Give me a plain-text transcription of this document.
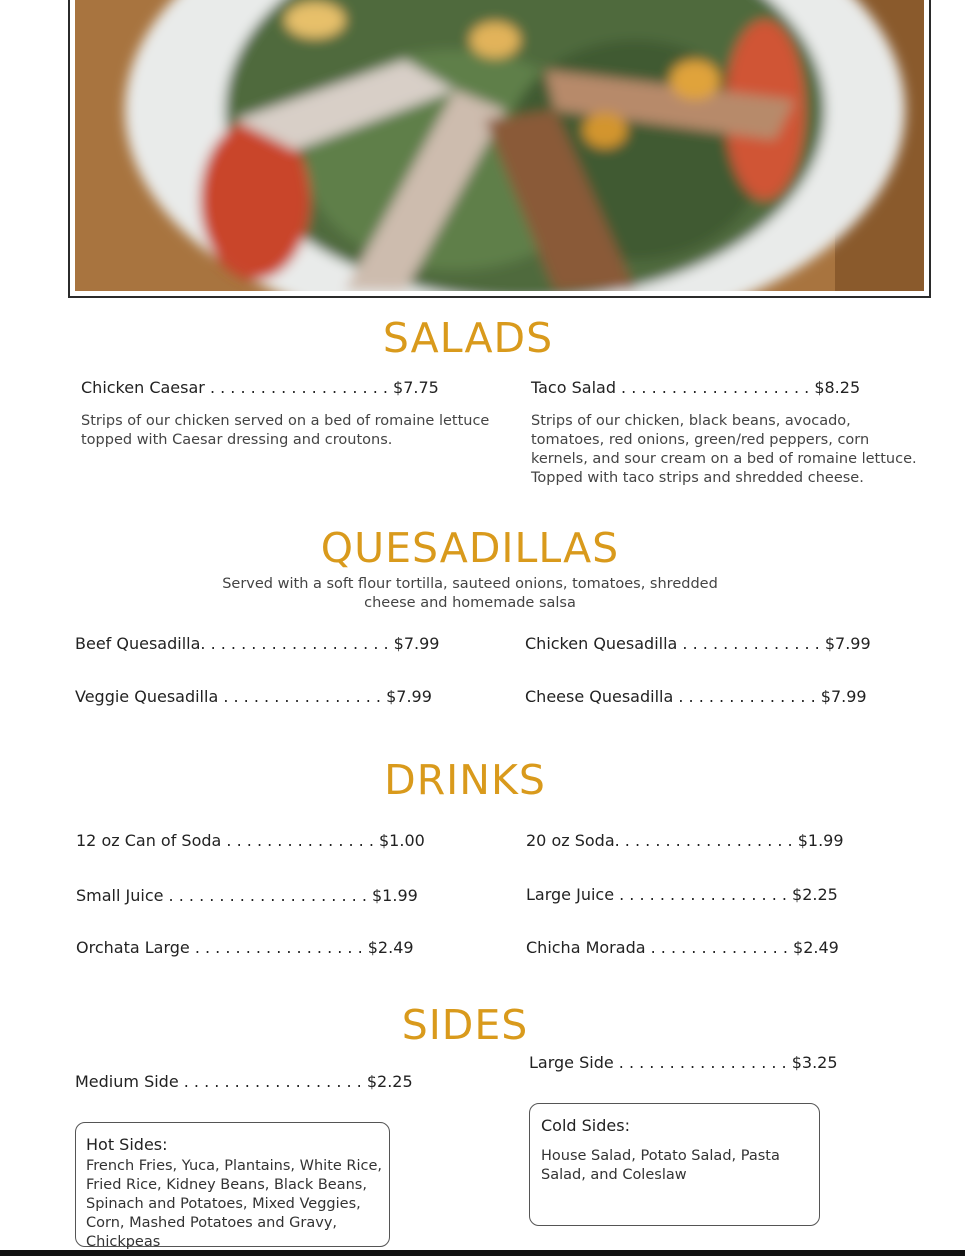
SALADS
Chicken Caesar . . . . . . . . . . . . . . . . . . $7.75
Strips of our chicken served on a bed of romaine lettuce topped with Caesar dressing and croutons.
Taco Salad . . . . . . . . . . . . . . . . . . . $8.25
Strips of our chicken, black beans, avocado, tomatoes, red onions, green/red peppers, corn kernels, and sour cream on a bed of romaine lettuce. Topped with taco strips and shredded cheese.
QUESADILLAS
Served with a soft flour tortilla, sauteed onions, tomatoes, shredded cheese and homemade salsa
Beef Quesadilla. . . . . . . . . . . . . . . . . . . $7.99	Chicken Quesadilla . . . . . . . . . . . . . . $7.99
Veggie Quesadilla . . . . . . . . . . . . . . . . $7.99	Cheese Quesadilla . . . . . . . . . . . . . . $7.99
DRINKS
12 oz Can of Soda . . . . . . . . . . . . . . . $1.00	20 oz Soda. . . . . . . . . . . . . . . . . . $1.99
Small Juice . . . . . . . . . . . . . . . . . . . . $1.99	Large Juice . . . . . . . . . . . . . . . . . $2.25
Orchata Large . . . . . . . . . . . . . . . . . $2.49	Chicha Morada . . . . . . . . . . . . . . $2.49
SIDES
Medium Side . . . . . . . . . . . . . . . . . . $2.25
Large Side . . . . . . . . . . . . . . . . . $3.25
Hot Sides:
French Fries, Yuca, Plantains, White Rice, Fried Rice, Kidney Beans, Black Beans, Spinach and Potatoes, Mixed Veggies, Corn, Mashed Potatoes and Gravy, Chickpeas
Cold Sides:
House Salad, Potato Salad, Pasta Salad, and Coleslaw
